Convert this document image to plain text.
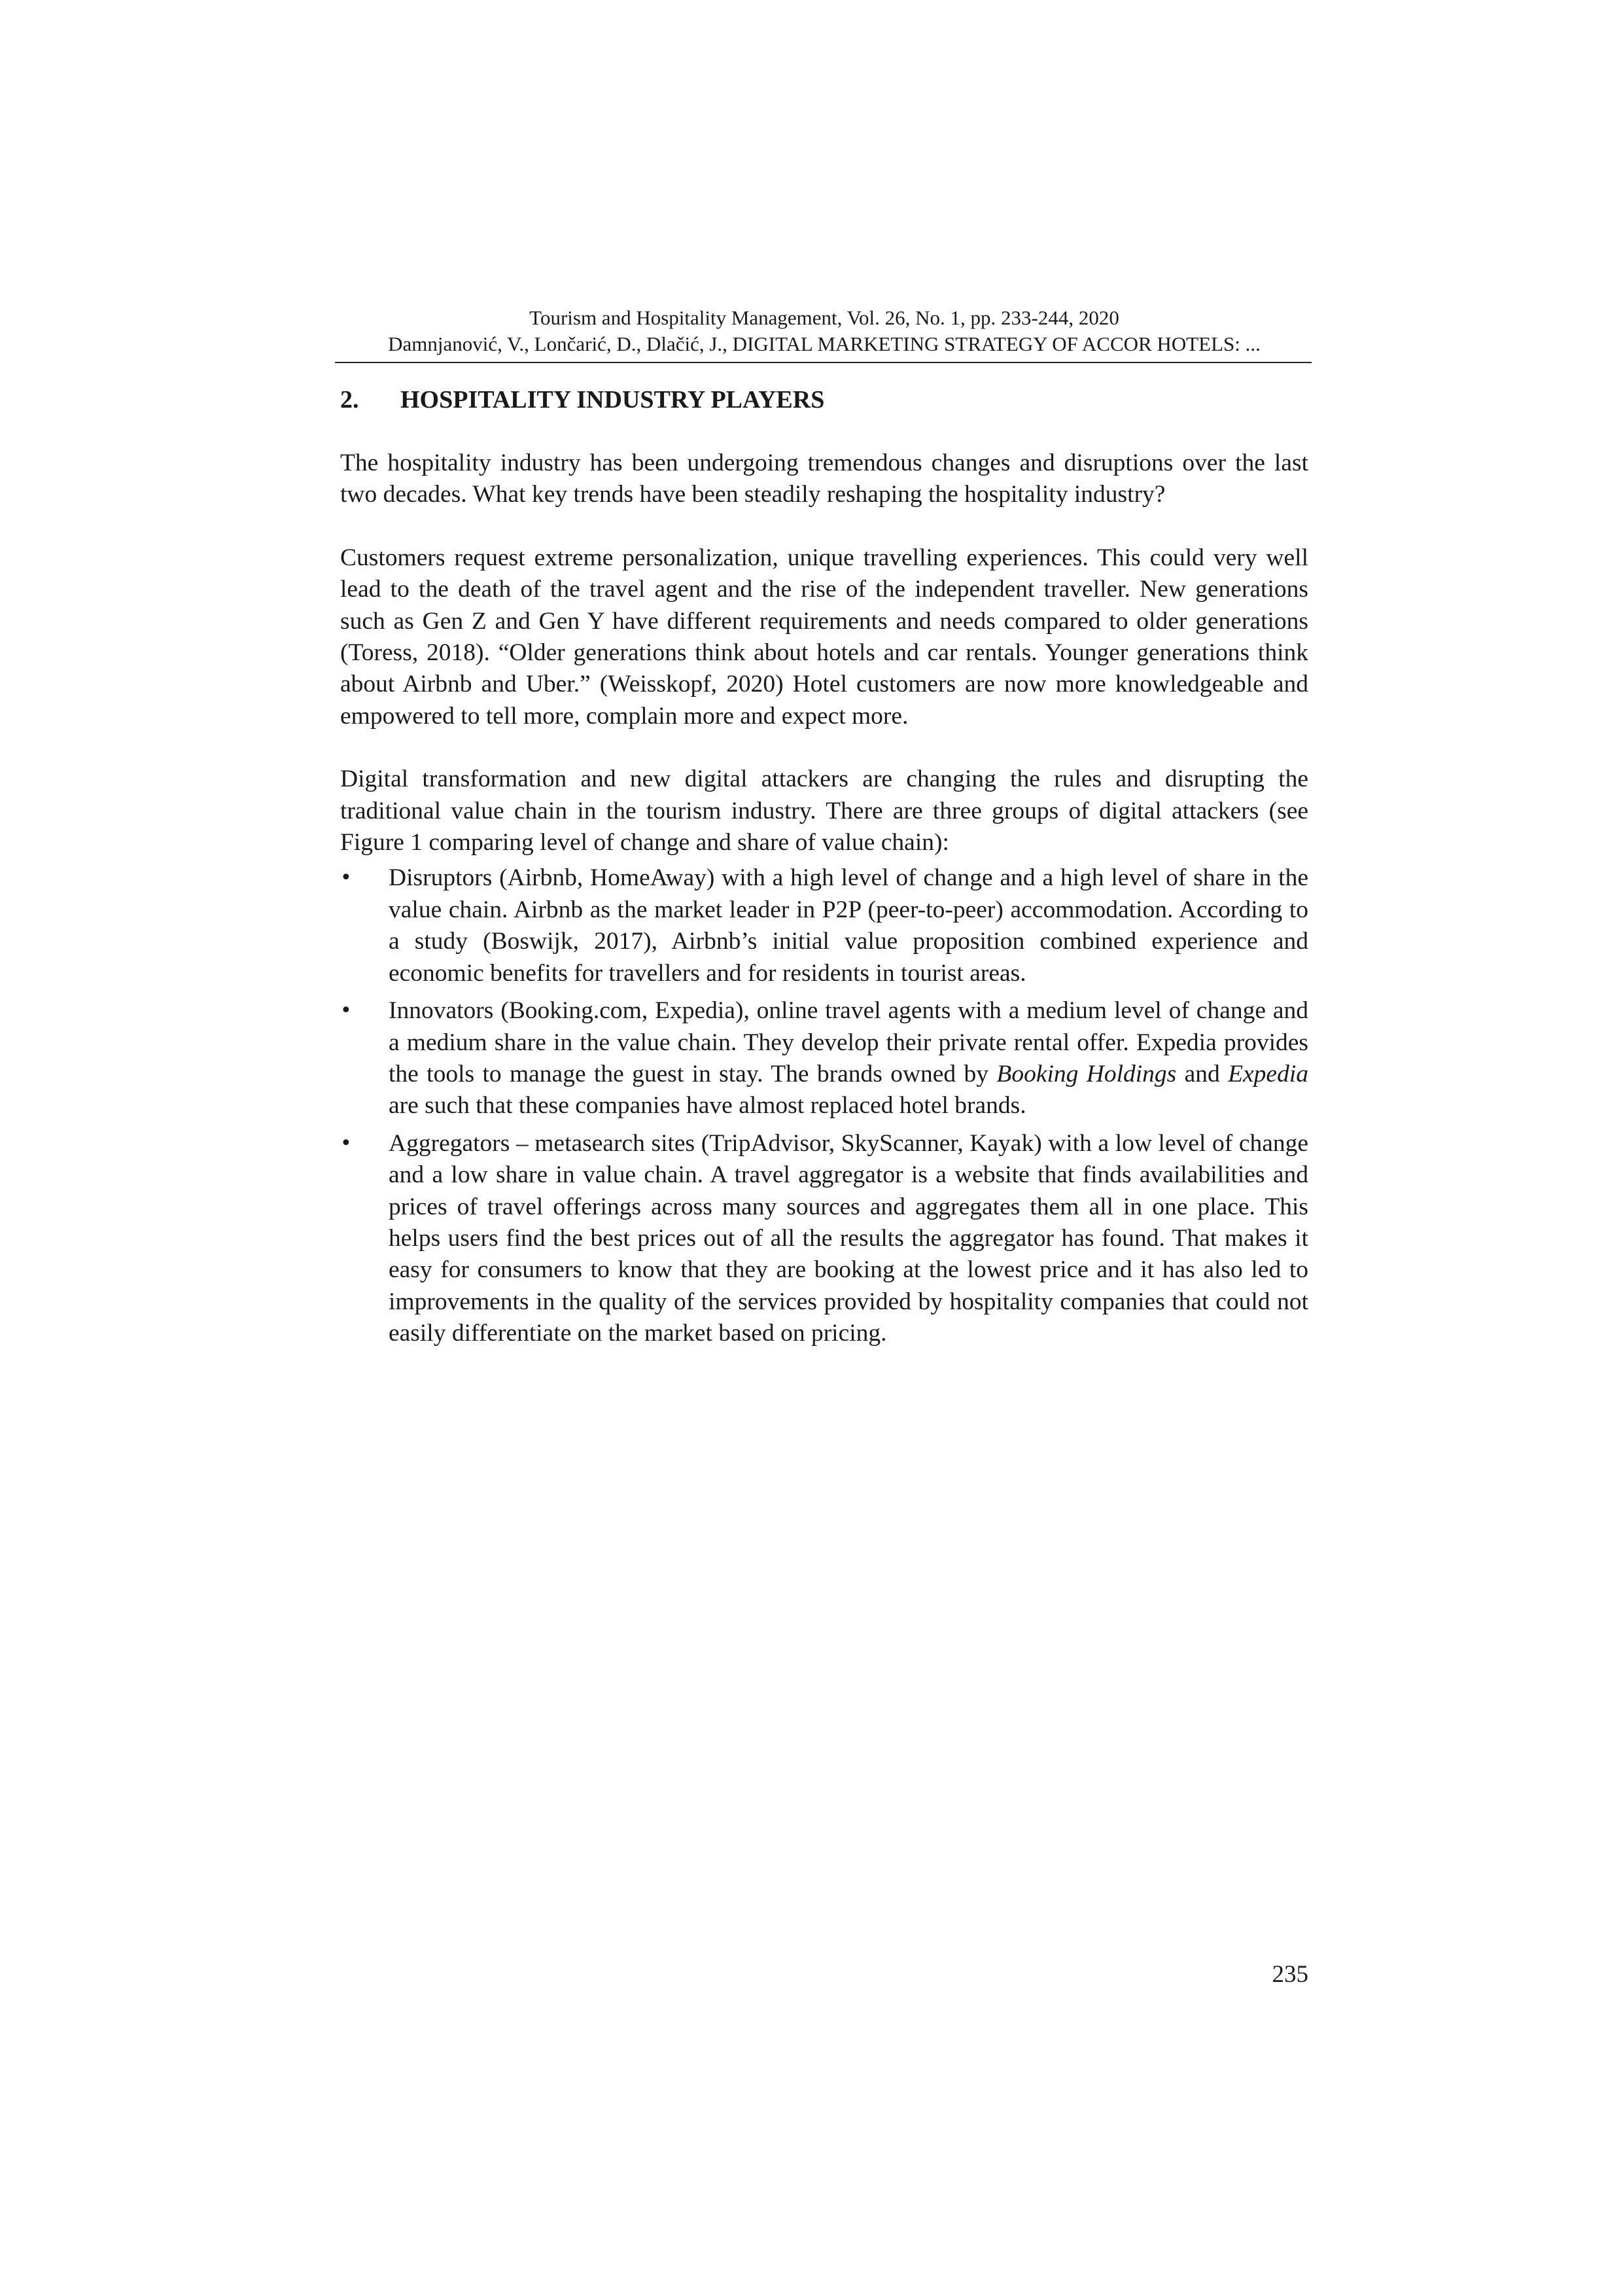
Tourism and Hospitality Management, Vol. 26, No. 1, pp. 233-244, 2020
Damnjanović, V., Lončarić, D., Dlačić, J., DIGITAL MARKETING STRATEGY OF ACCOR HOTELS: ...
2. HOSPITALITY INDUSTRY PLAYERS

The hospitality industry has been undergoing tremendous changes and disruptions over the last two decades. What key trends have been steadily reshaping the hospitality industry?

Customers request extreme personalization, unique travelling experiences. This could very well lead to the death of the travel agent and the rise of the independent traveller. New generations such as Gen Z and Gen Y have different requirements and needs compared to older generations (Toress, 2018). “Older generations think about hotels and car rentals. Younger generations think about Airbnb and Uber.” (Weisskopf, 2020) Hotel customers are now more knowledgeable and empowered to tell more, complain more and expect more.

Digital transformation and new digital attackers are changing the rules and disrupting the traditional value chain in the tourism industry. There are three groups of digital attackers (see Figure 1 comparing level of change and share of value chain):

•	Disruptors (Airbnb, HomeAway) with a high level of change and a high level of share in the value chain. Airbnb as the market leader in P2P (peer-to-peer) accommodation. According to a study (Boswijk, 2017), Airbnb’s initial value proposition combined experience and economic benefits for travellers and for residents in tourist areas.
•	Innovators (Booking.com, Expedia), online travel agents with a medium level of change and a medium share in the value chain. They develop their private rental offer. Expedia provides the tools to manage the guest in stay. The brands owned by Booking Holdings and Expedia are such that these companies have almost replaced hotel brands.
•	Aggregators – metasearch sites (TripAdvisor, SkyScanner, Kayak) with a low level of change and a low share in value chain. A travel aggregator is a website that finds availabilities and prices of travel offerings across many sources and aggregates them all in one place. This helps users find the best prices out of all the results the aggregator has found. That makes it easy for consumers to know that they are booking at the lowest price and it has also led to improvements in the quality of the services provided by hospitality companies that could not easily differentiate on the market based on pricing.
235
